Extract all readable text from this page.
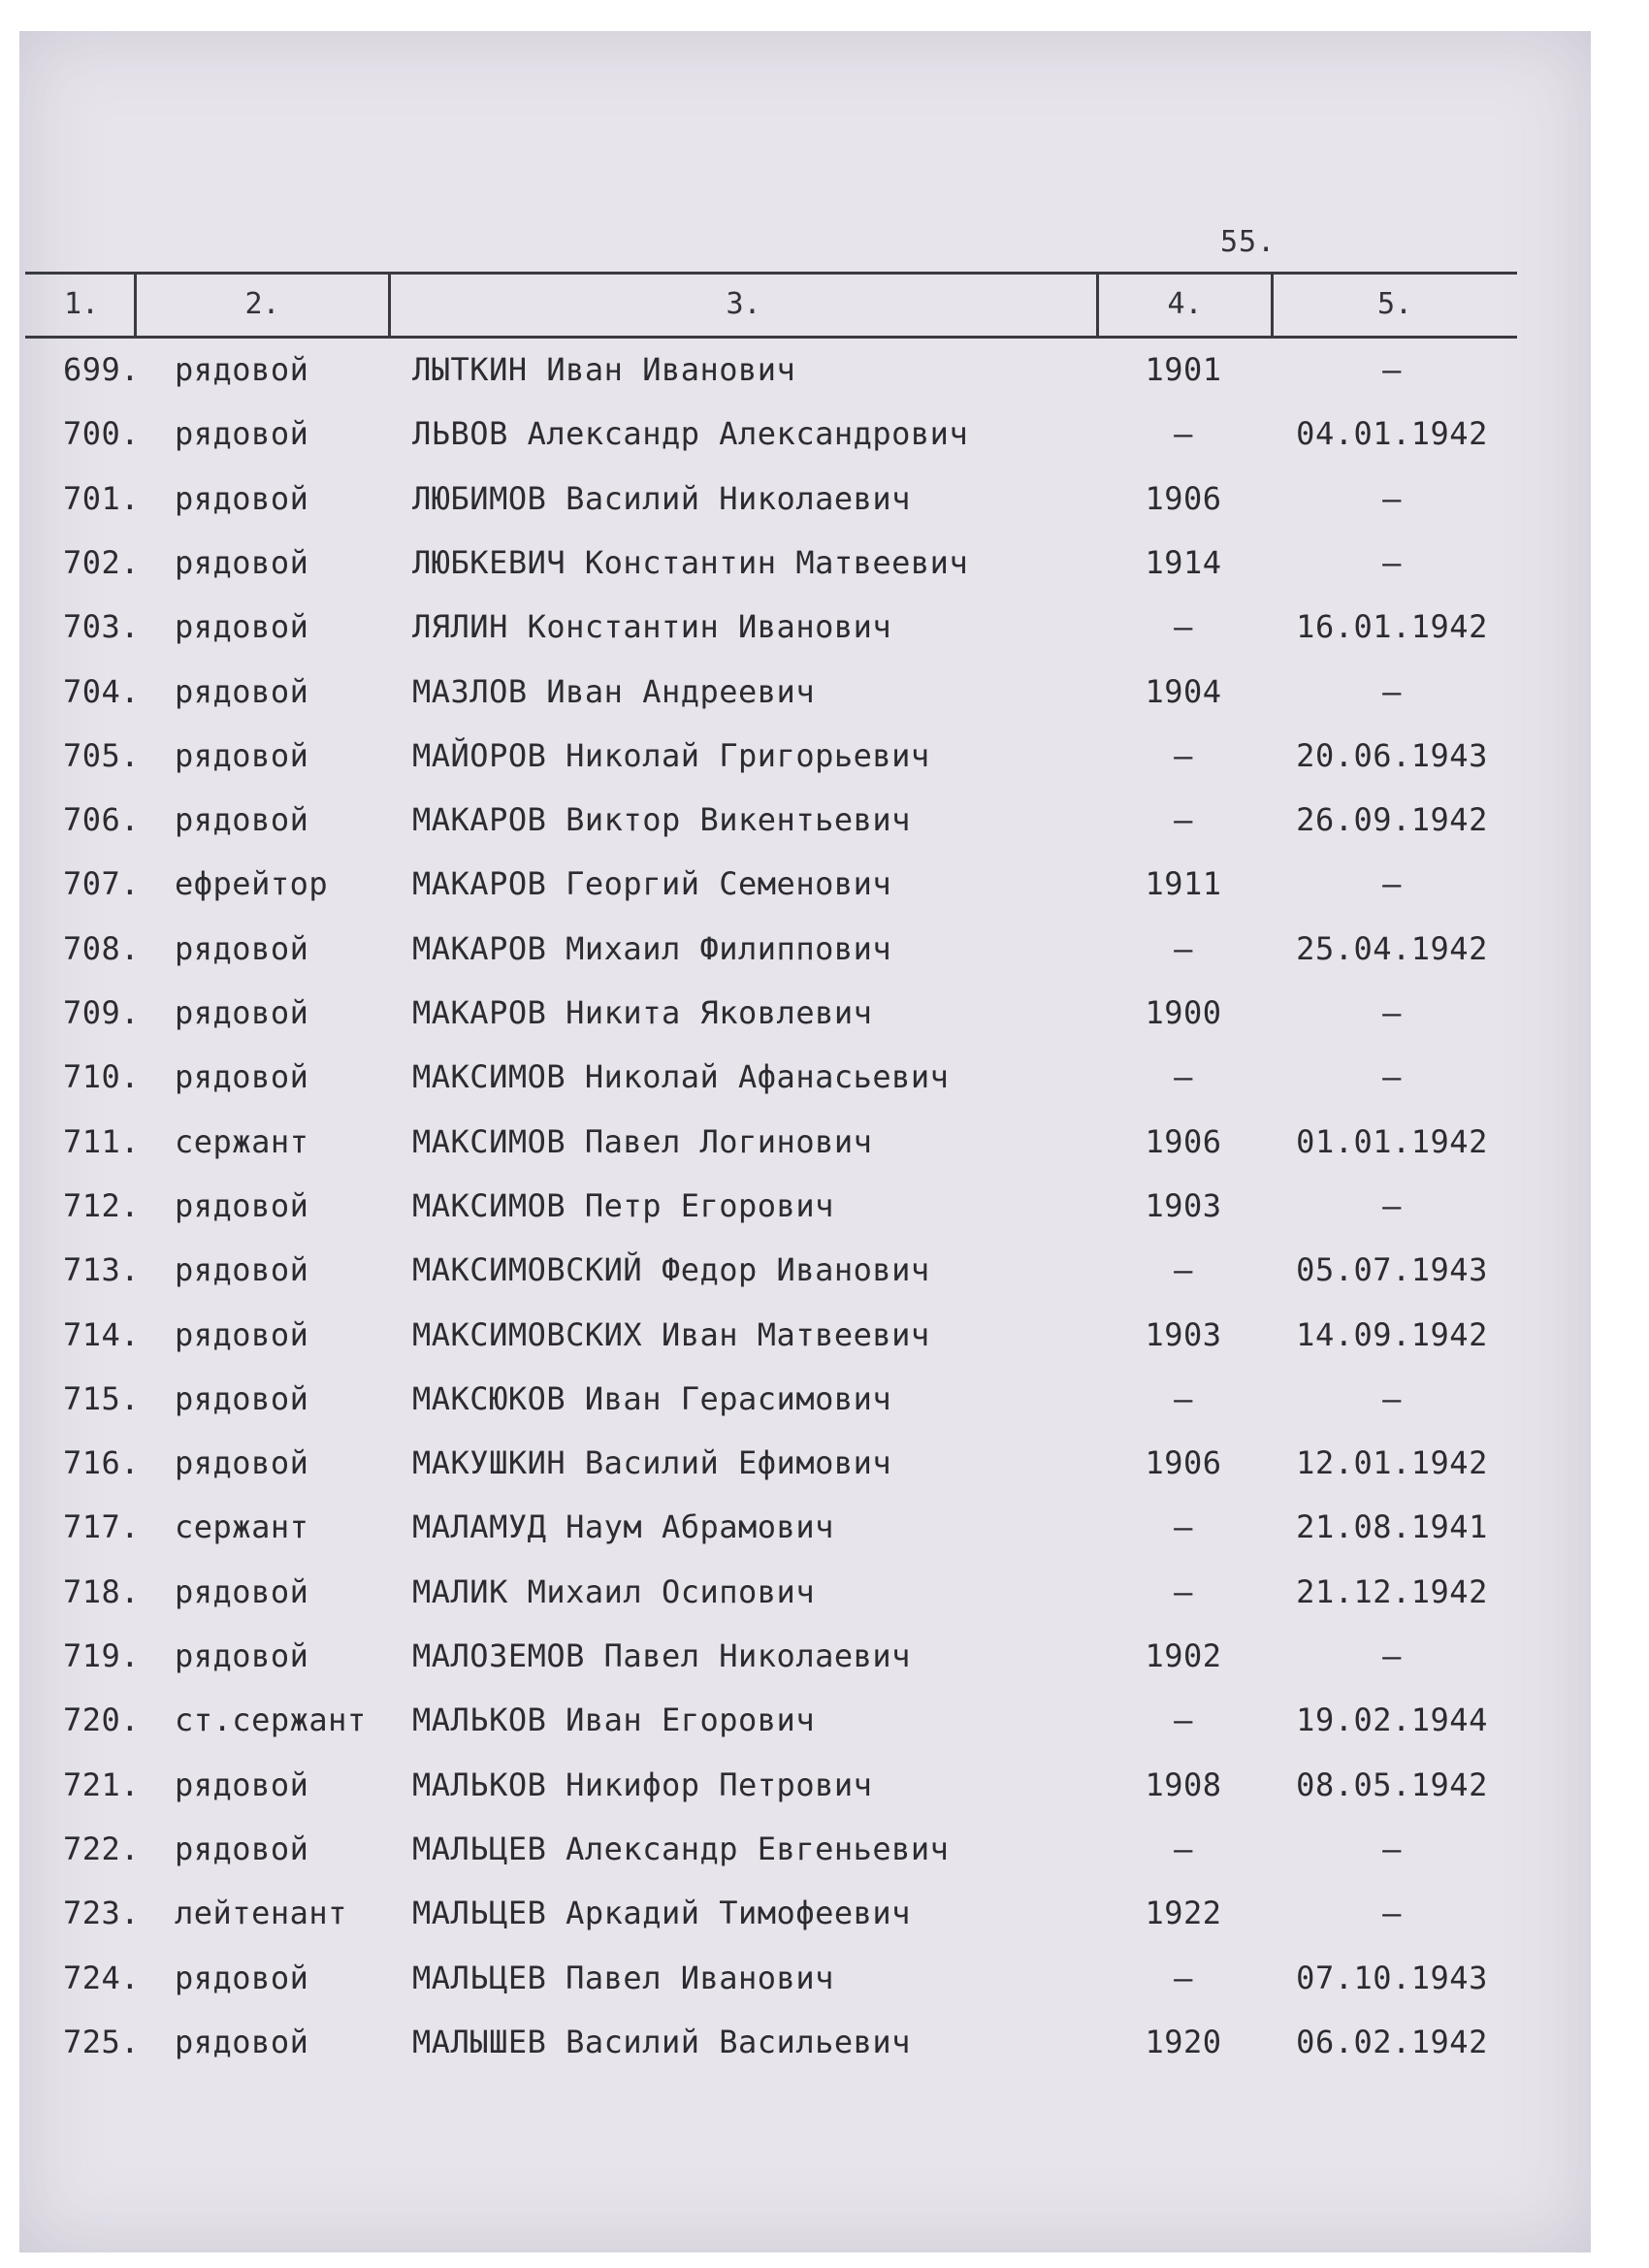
55.
1.	2.	3.	4.	5.
699. рядовой	ЛЫТКИН Иван Иванович	1901	–
700. рядовой	ЛЬВОВ Александр Александрович	–	04.01.1942
701. рядовой	ЛЮБИМОВ Василий Николаевич	1906	–
702. рядовой	ЛЮБКЕВИЧ Константин Матвеевич	1914	–
703. рядовой	ЛЯЛИН Константин Иванович	–	16.01.1942
704. рядовой	МАЗЛОВ Иван Андреевич	1904	–
705. рядовой	МАЙОРОВ Николай Григорьевич	–	20.06.1943
706. рядовой	МАКАРОВ Виктор Викентьевич	–	26.09.1942
707. ефрейтор	МАКАРОВ Георгий Семенович	1911	–
708. рядовой	МАКАРОВ Михаил Филиппович	–	25.04.1942
709. рядовой	МАКАРОВ Никита Яковлевич	1900	–
710. рядовой	МАКСИМОВ Николай Афанасьевич	–	–
711. сержант	МАКСИМОВ Павел Логинович	1906	01.01.1942
712. рядовой	МАКСИМОВ Петр Егорович	1903	–
713. рядовой	МАКСИМОВСКИЙ Федор Иванович	–	05.07.1943
714. рядовой	МАКСИМОВСКИХ Иван Матвеевич	1903	14.09.1942
715. рядовой	МАКСЮКОВ Иван Герасимович	–	–
716. рядовой	МАКУШКИН Василий Ефимович	1906	12.01.1942
717. сержант	МАЛАМУД Наум Абрамович	–	21.08.1941
718. рядовой	МАЛИК Михаил Осипович	–	21.12.1942
719. рядовой	МАЛОЗЕМОВ Павел Николаевич	1902	–
720. ст.сержант	МАЛЬКОВ Иван Егорович	–	19.02.1944
721. рядовой	МАЛЬКОВ Никифор Петрович	1908	08.05.1942
722. рядовой	МАЛЬЦЕВ Александр Евгеньевич	–	–
723. лейтенант	МАЛЬЦЕВ Аркадий Тимофеевич	1922	–
724. рядовой	МАЛЬЦЕВ Павел Иванович	–	07.10.1943
725. рядовой	МАЛЫШЕВ Василий Васильевич	1920	06.02.1942
